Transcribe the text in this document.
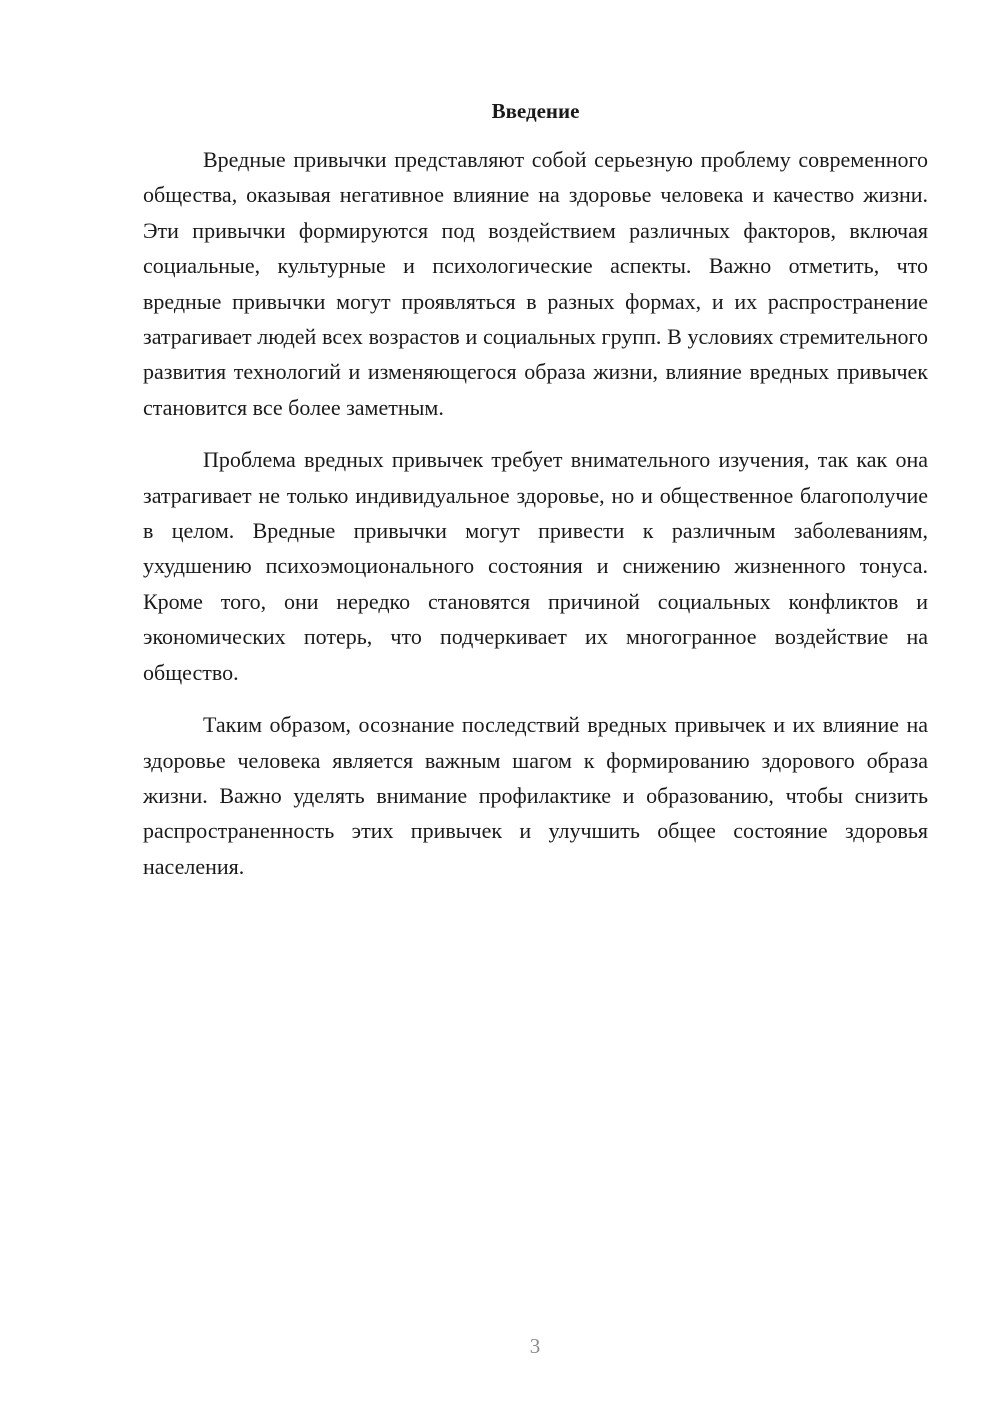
Введение

Вредные привычки представляют собой серьезную проблему современного общества, оказывая негативное влияние на здоровье человека и качество жизни. Эти привычки формируются под воздействием различных факторов, включая социальные, культурные и психологические аспекты. Важно отметить, что вредные привычки могут проявляться в разных формах, и их распространение затрагивает людей всех возрастов и социальных групп. В условиях стремительного развития технологий и изменяющегося образа жизни, влияние вредных привычек становится все более заметным.

Проблема вредных привычек требует внимательного изучения, так как она затрагивает не только индивидуальное здоровье, но и общественное благополучие в целом. Вредные привычки могут привести к различным заболеваниям, ухудшению психоэмоционального состояния и снижению жизненного тонуса. Кроме того, они нередко становятся причиной социальных конфликтов и экономических потерь, что подчеркивает их многогранное воздействие на общество.

Таким образом, осознание последствий вредных привычек и их влияние на здоровье человека является важным шагом к формированию здорового образа жизни. Важно уделять внимание профилактике и образованию, чтобы снизить распространенность этих привычек и улучшить общее состояние здоровья населения.

3
